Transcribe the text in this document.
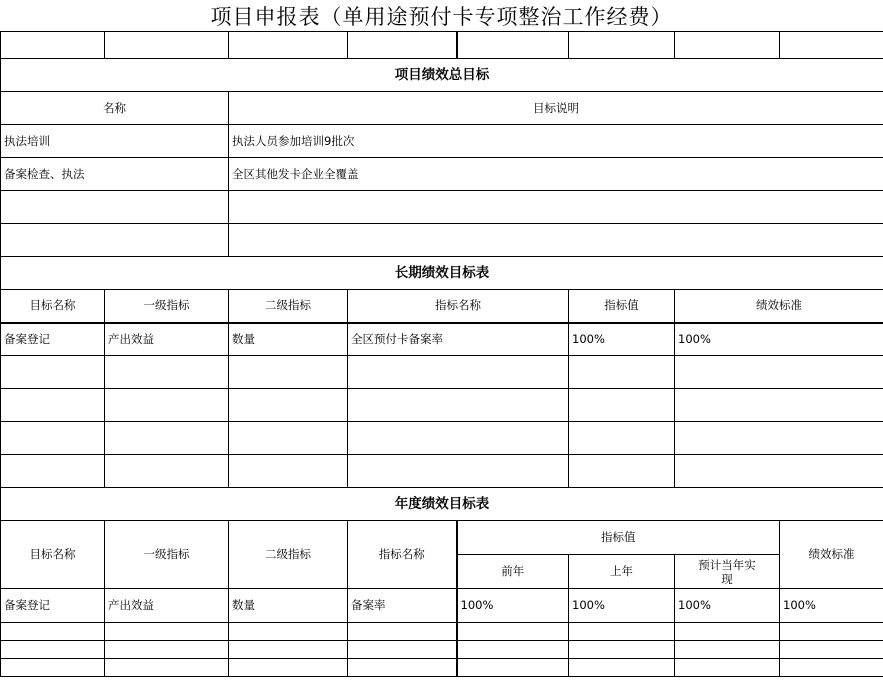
项目申报表（单用途预付卡专项整治工作经费）

项目绩效总目标							
名称		目标说明					
执法培训		执法人员参加培训9批次					
备案检查、执法		全区其他发卡企业全覆盖					

长期绩效目标表							
目标名称	一级指标	二级指标	指标名称		指标值	绩效标准	
备案登记	产出效益	数量	全区预付卡备案率		100%	100%	

年度绩效目标表							
目标名称	一级指标	二级指标	指标名称	指标值			绩效标准
				前年	上年	预计当年实现	
备案登记	产出效益	数量	备案率	100%	100%	100%	100%
